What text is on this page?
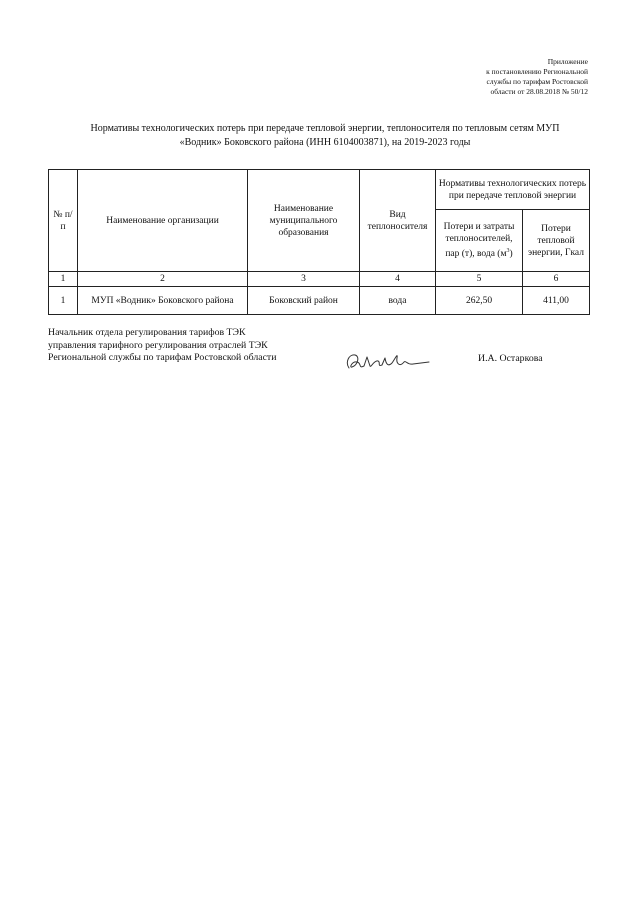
Приложение
к постановлению Региональной
службы по тарифам Ростовской
области от 28.08.2018 № 50/12
Нормативы технологических потерь при передаче тепловой энергии, теплоносителя по тепловым сетям МУП
«Водник» Боковского района (ИНН 6104003871), на 2019-2023 годы
№ п/п	Наименование организации	Наименование муниципального образования	Вид теплоносителя	Нормативы технологических потерь при передаче тепловой энергии	
				Потери и затраты теплоносителей, пар (т), вода $(м^3)$	Потери тепловой энергии, Гкал
1	2	3	4	5	6
1	МУП «Водник» Боковского района	Боковский район	вода	262,50	411,00
Начальник отдела регулирования тарифов ТЭК
управления тарифного регулирования отраслей ТЭК
Региональной службы по тарифам Ростовской области	И.А. Остаркова
